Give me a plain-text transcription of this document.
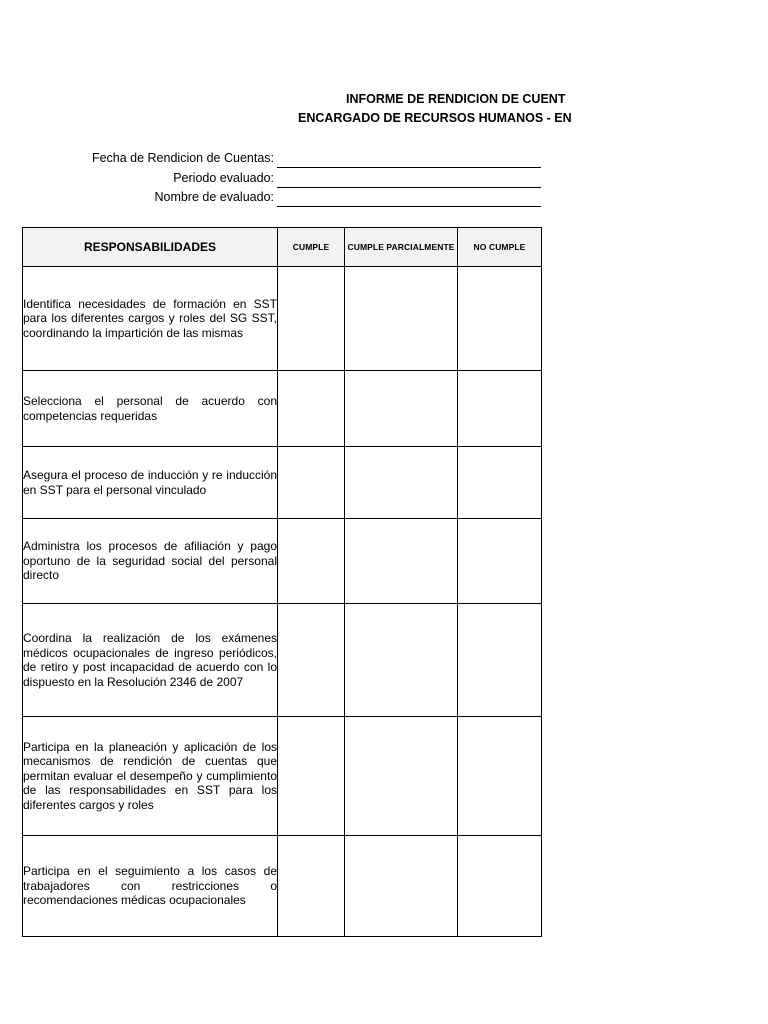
INFORME DE RENDICION DE CUENT
ENCARGADO DE RECURSOS HUMANOS - EN
Fecha de Rendicion de Cuentas:
Periodo evaluado:
Nombre de evaluado:
RESPONSABILIDADES	CUMPLE	CUMPLE PARCIALMENTE	NO CUMPLE

Identifica necesidades de formación en SST para los diferentes cargos y roles del SG SST, coordinando la impartición de las mismas			

Selecciona el personal de acuerdo con competencias requeridas			

Asegura el proceso de inducción y re inducción en SST para el personal vinculado			

Administra los procesos de afiliación y pago oportuno de la seguridad social del personal directo			

Coordina la realización de los exámenes médicos ocupacionales de ingreso periódicos, de retiro y post incapacidad de acuerdo con lo dispuesto en la Resolución 2346 de 2007			

Participa en la planeación y aplicación de los mecanismos de rendición de cuentas que permitan evaluar el desempeño y cumplimiento de las responsabilidades en SST para los diferentes cargos y roles			

Participa en el seguimiento a los casos de trabajadores con restricciones o recomendaciones médicas ocupacionales			
